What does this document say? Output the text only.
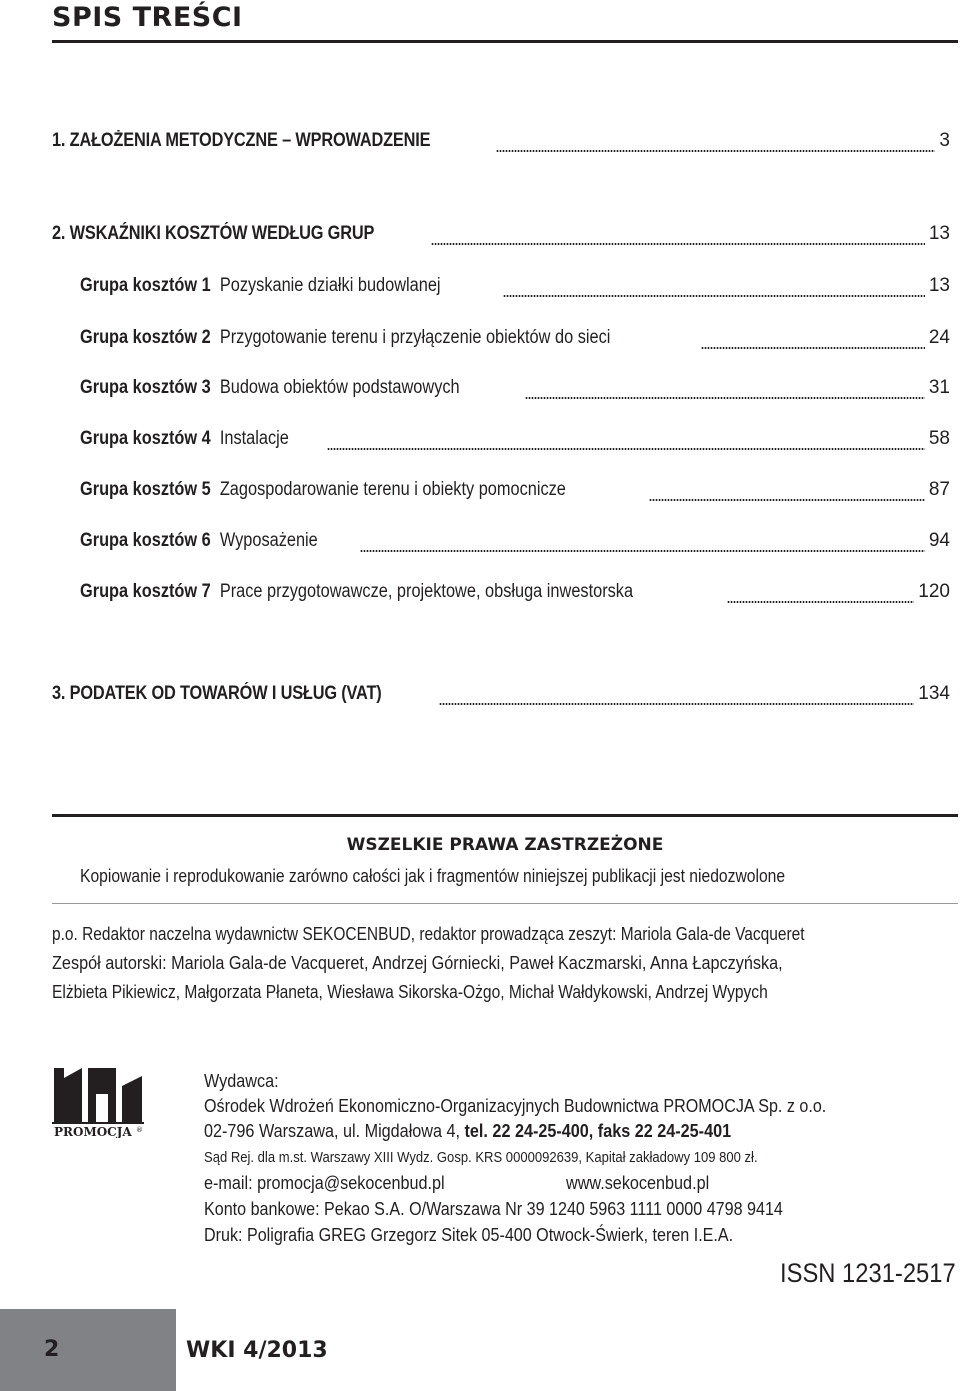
SPIS TREŚCI
1. ZAŁOŻENIA METODYCZNE – WPROWADZENIE	3
2. WSKAŹNIKI KOSZTÓW WEDŁUG GRUP	13
Grupa kosztów 1 Pozyskanie działki budowlanej	13
Grupa kosztów 2 Przygotowanie terenu i przyłączenie obiektów do sieci	24
Grupa kosztów 3 Budowa obiektów podstawowych	31
Grupa kosztów 4 Instalacje	58
Grupa kosztów 5 Zagospodarowanie terenu i obiekty pomocnicze	87
Grupa kosztów 6 Wyposażenie	94
Grupa kosztów 7 Prace przygotowawcze, projektowe, obsługa inwestorska	120
3. PODATEK OD TOWARÓW I USŁUG (VAT)	134
WSZELKIE PRAWA ZASTRZEŻONE
Kopiowanie i reprodukowanie zarówno całości jak i fragmentów niniejszej publikacji jest niedozwolone
p.o. Redaktor naczelna wydawnictw SEKOCENBUD, redaktor prowadząca zeszyt: Mariola Gala-de Vacqueret
Zespół autorski: Mariola Gala-de Vacqueret, Andrzej Górniecki, Paweł Kaczmarski, Anna Łapczyńska,
Elżbieta Pikiewicz, Małgorzata Płaneta, Wiesława Sikorska-Ożgo, Michał Wałdykowski, Andrzej Wypych
PROMOCJA ®
Wydawca:
Ośrodek Wdrożeń Ekonomiczno-Organizacyjnych Budownictwa PROMOCJA Sp. z o.o.
02-796 Warszawa, ul. Migdałowa 4, tel. 22 24-25-400, faks 22 24-25-401
Sąd Rej. dla m.st. Warszawy XIII Wydz. Gosp. KRS 0000092639, Kapitał zakładowy 109 800 zł.
e-mail: promocja@sekocenbud.pl	www.sekocenbud.pl
Konto bankowe: Pekao S.A. O/Warszawa Nr 39 1240 5963 1111 0000 4798 9414
Druk: Poligrafia GREG Grzegorz Sitek 05-400 Otwock-Świerk, teren I.E.A.
ISSN 1231-2517
2	WKI 4/2013
